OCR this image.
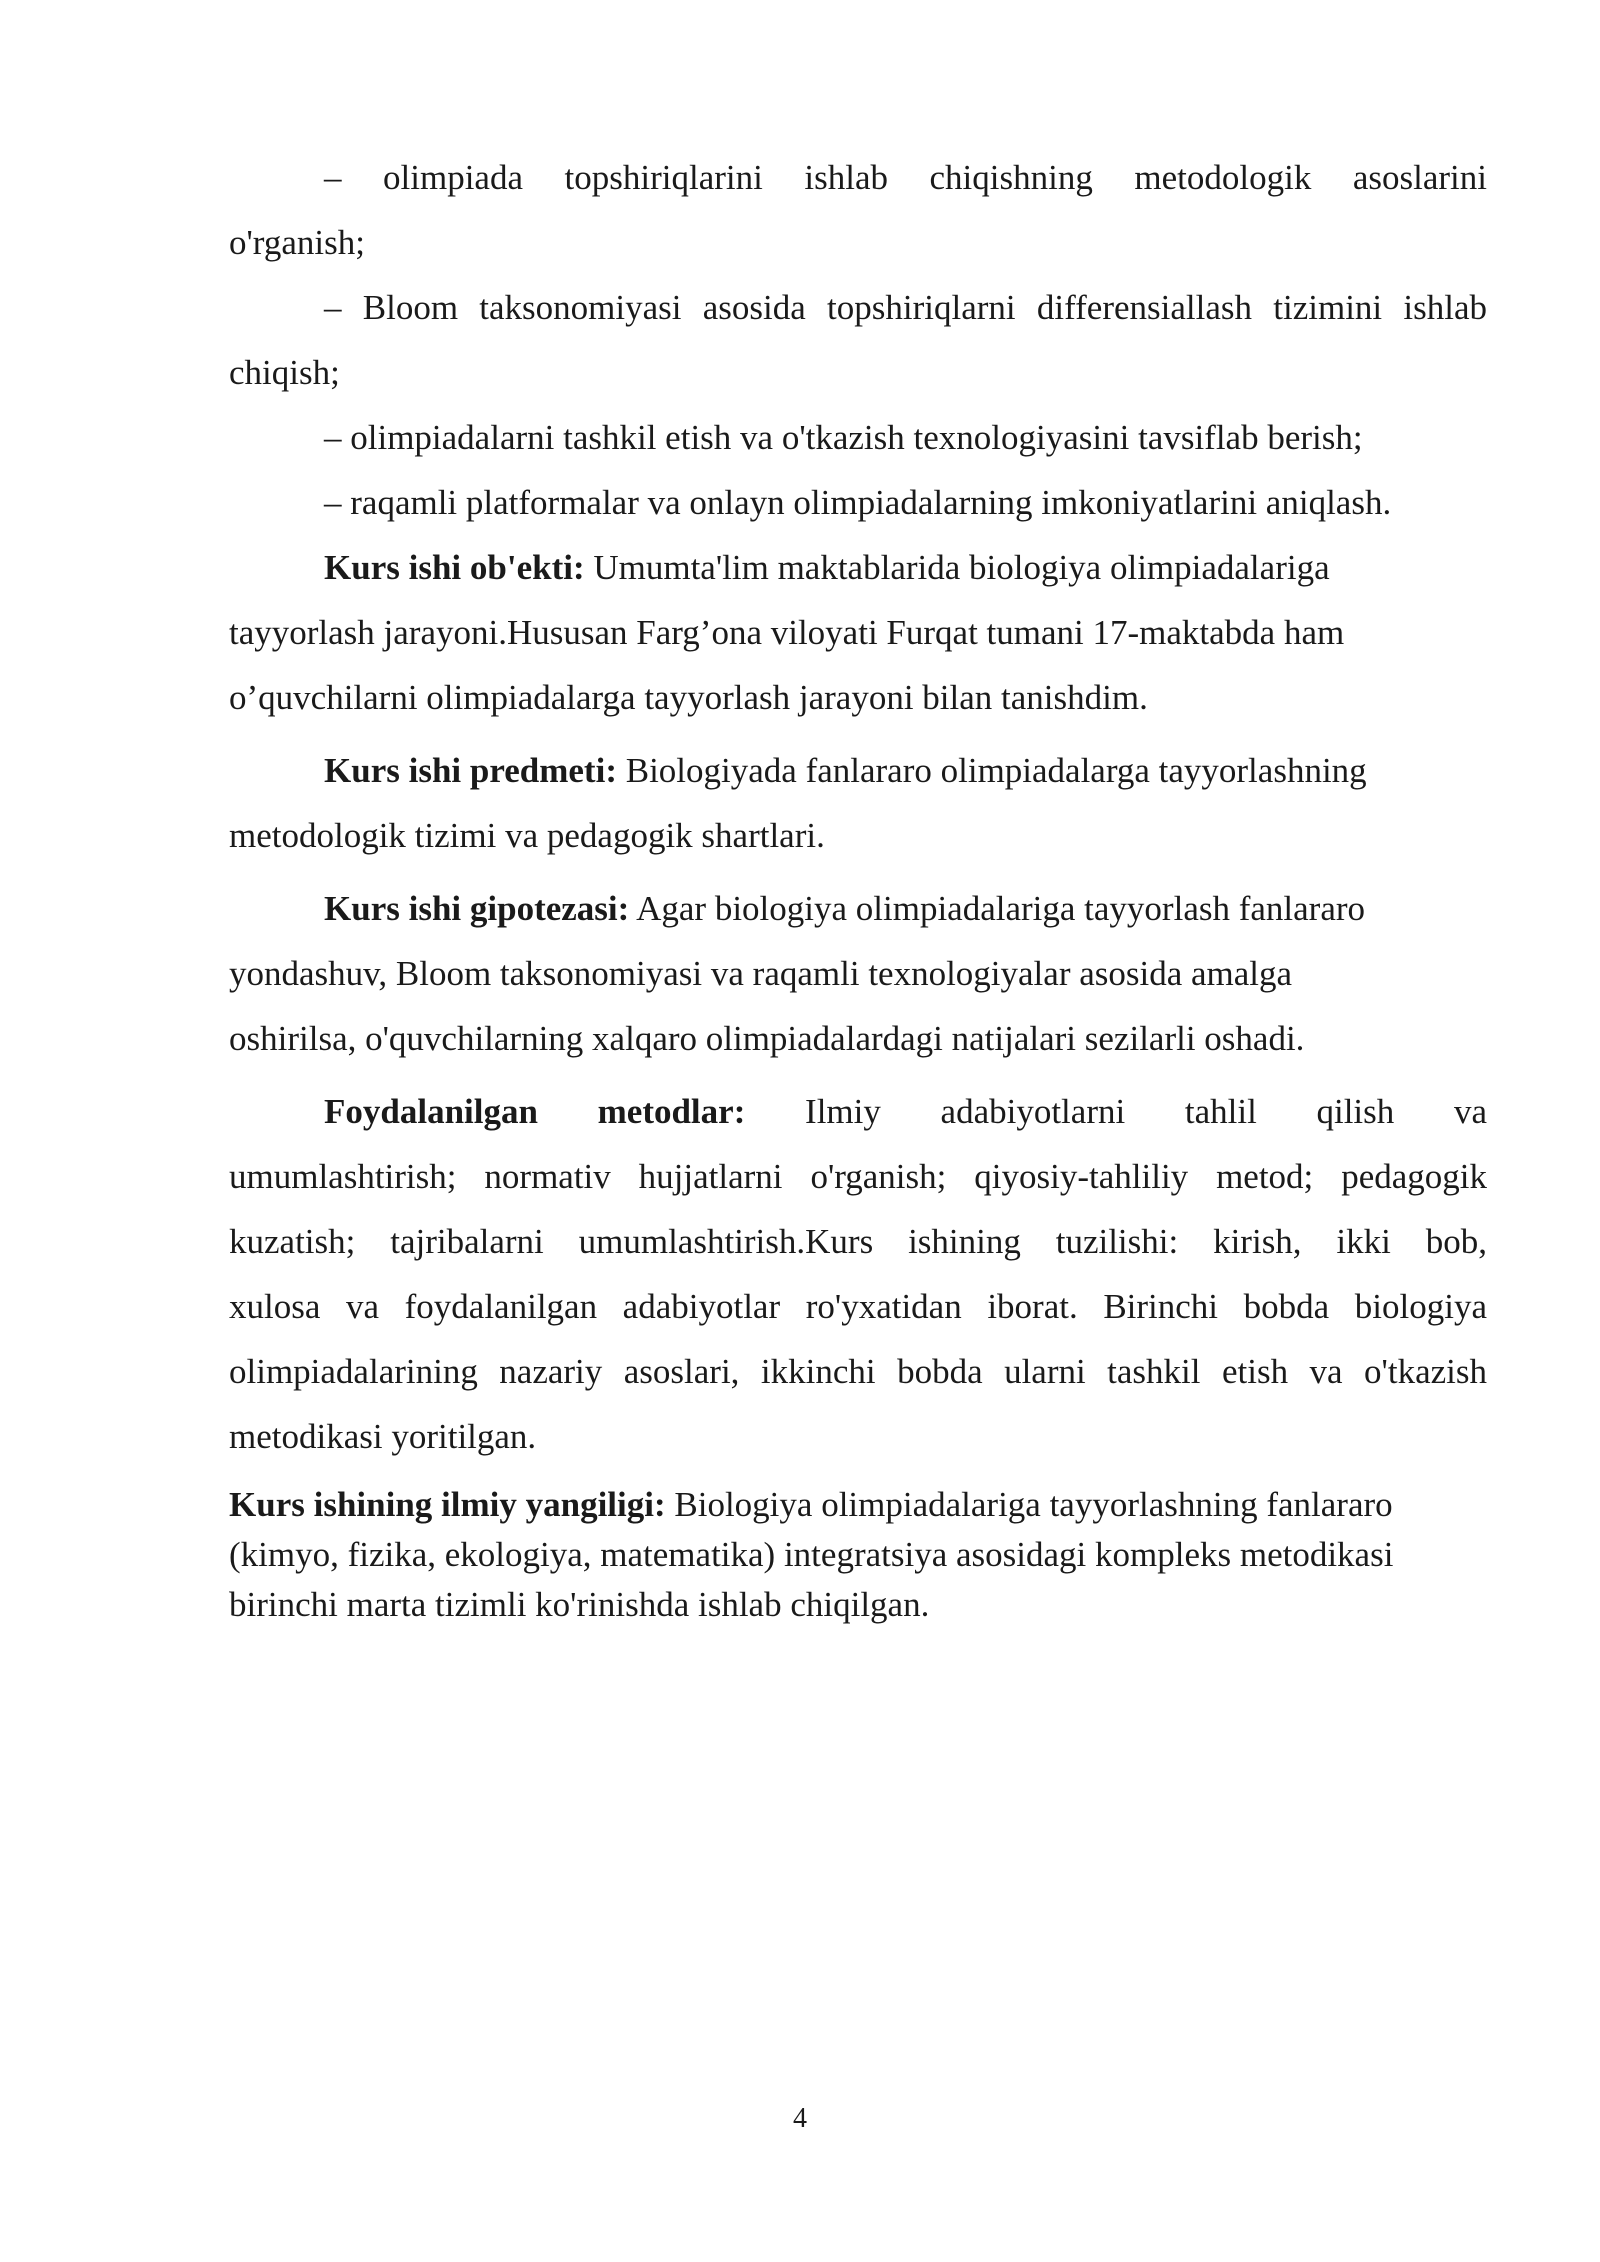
– olimpiada topshiriqlarini ishlab chiqishning metodologik asoslarini
o'rganish;
– Bloom taksonomiyasi asosida topshiriqlarni differensiallash tizimini ishlab
chiqish;
– olimpiadalarni tashkil etish va o'tkazish texnologiyasini tavsiflab berish;
– raqamli platformalar va onlayn olimpiadalarning imkoniyatlarini aniqlash.
Kurs ishi ob'ekti: Umumta'lim maktablarida biologiya olimpiadalariga
tayyorlash jarayoni.Hususan Farg’ona viloyati Furqat tumani 17-maktabda ham
o’quvchilarni olimpiadalarga tayyorlash jarayoni bilan tanishdim.
Kurs ishi predmeti: Biologiyada fanlararo olimpiadalarga tayyorlashning
metodologik tizimi va pedagogik shartlari.
Kurs ishi gipotezasi: Agar biologiya olimpiadalariga tayyorlash fanlararo
yondashuv, Bloom taksonomiyasi va raqamli texnologiyalar asosida amalga
oshirilsa, o'quvchilarning xalqaro olimpiadalardagi natijalari sezilarli oshadi.
Foydalanilgan metodlar: Ilmiy adabiyotlarni tahlil qilish va
umumlashtirish; normativ hujjatlarni o'rganish; qiyosiy-tahliliy metod; pedagogik
kuzatish; tajribalarni umumlashtirish.Kurs ishining tuzilishi: kirish, ikki bob,
xulosa va foydalanilgan adabiyotlar ro'yxatidan iborat. Birinchi bobda biologiya
olimpiadalarining nazariy asoslari, ikkinchi bobda ularni tashkil etish va o'tkazish
metodikasi yoritilgan.
Kurs ishining ilmiy yangiligi: Biologiya olimpiadalariga tayyorlashning fanlararo
(kimyo, fizika, ekologiya, matematika) integratsiya asosidagi kompleks metodikasi
birinchi marta tizimli ko'rinishda ishlab chiqilgan.
4
